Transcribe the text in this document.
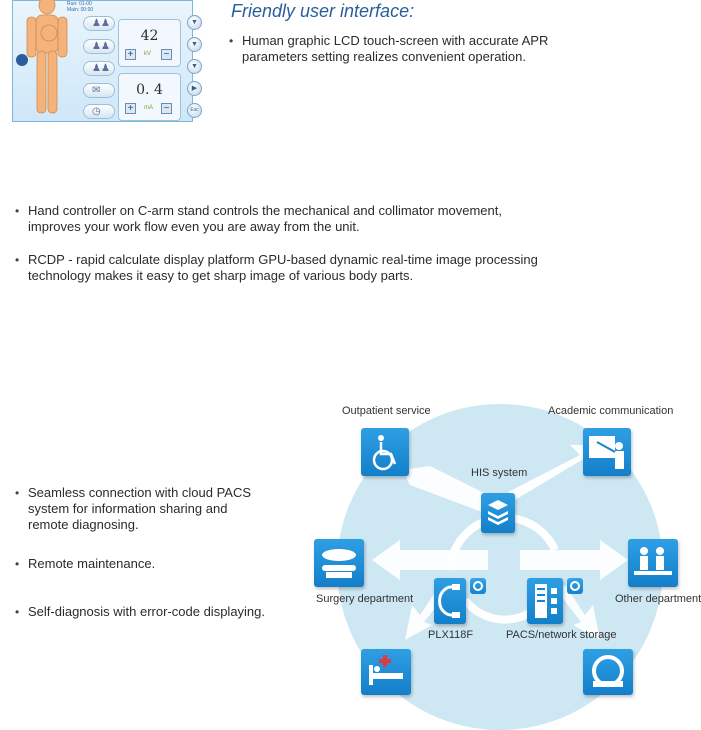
Run: 01-00
Main: 00:00
♟♟
♟♟
♟♟
✉
◷
42
+	kV −
0. 4
+	mA −
▼
▼
▼
▶
Esc
Friendly user interface:
• Human graphic LCD touch-screen with accurate APR parameters setting realizes convenient operation.
• Hand controller on C-arm stand controls the mechanical and collimator movement, improves your work flow even you are away from the unit.
• RCDP - rapid calculate display platform GPU-based dynamic real-time image processing technology makes it easy to get sharp image of various body parts.
• Seamless connection with cloud PACS system for information sharing and remote diagnosing.
• Remote maintenance.
• Self-diagnosis with error-code displaying.
Outpatient service	Academic communication
HIS system
Surgery department	Other department
PLX118F	PACS/network storage
